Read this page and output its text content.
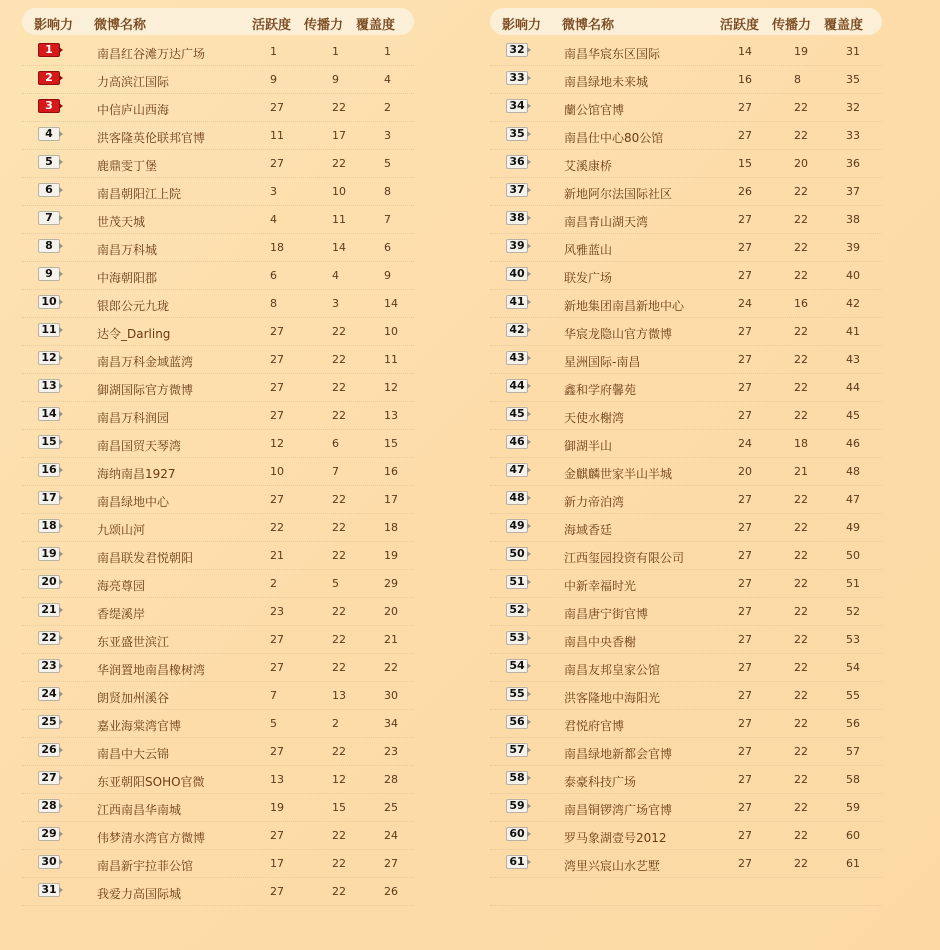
影响力 微博名称	活跃度 传播力 覆盖度
1	南昌红谷滩万达广场	1	1	1
2	力高滨江国际	9	9	4
3	中信庐山西海	27	22	2
4	洪客隆英伦联邦官博	11	17	3
5	鹿鼎雯丁堡	27	22	5
6	南昌朝阳江上院	3	10	8
7	世茂天城	4	11	7
8	南昌万科城	18	14	6
9	中海朝阳郡	6	4	9
10	银郎公元九珑	8	3	14
11	达令_Darling	27	22	10
12	南昌万科金域蓝湾	27	22	11
13	御湖国际官方微博	27	22	12
14	南昌万科润园	27	22	13
15	南昌国贸天琴湾	12	6	15
16	海纳南昌1927	10	7	16
17	南昌绿地中心	27	22	17
18	九颂山河	22	22	18
19	南昌联发君悦朝阳	21	22	19
20	海亮尊园	2	5	29
21	香缇溪岸	23	22	20
22	东亚盛世滨江	27	22	21
23	华润置地南昌橡树湾	27	22	22
24	朗贤加州溪谷	7	13	30
25	嘉业海棠湾官博	5	2	34
26	南昌中大云锦	27	22	23
27	东亚朝阳SOHO官微	13	12	28
28	江西南昌华南城	19	15	25
29	伟梦清水湾官方微博	27	22	24
30	南昌新宇拉菲公馆	17	22	27
31	我爱力高国际城	27	22	26
影响力 微博名称	活跃度 传播力 覆盖度
32	南昌华宸东区国际	14	19	31
33	南昌绿地未来城	16	8	35
34	蘭公馆官博	27	22	32
35	南昌仕中心80公馆	27	22	33
36	艾溪康桥	15	20	36
37	新地阿尔法国际社区	26	22	37
38	南昌青山湖天湾	27	22	38
39	风雅蓝山	27	22	39
40	联发广场	27	22	40
41	新地集团南昌新地中心	24	16	42
42	华宸龙隐山官方微博	27	22	41
43	星洲国际-南昌	27	22	43
44	鑫和学府馨苑	27	22	44
45	天使水榭湾	27	22	45
46	御湖半山	24	18	46
47	金麒麟世家半山半城	20	21	48
48	新力帝泊湾	27	22	47
49	海域香廷	27	22	49
50	江西玺园投资有限公司	27	22	50
51	中新幸福时光	27	22	51
52	南昌唐宁街官博	27	22	52
53	南昌中央香榭	27	22	53
54	南昌友邦皇家公馆	27	22	54
55	洪客隆地中海阳光	27	22	55
56	君悦府官博	27	22	56
57	南昌绿地新都会官博	27	22	57
58	泰豪科技广场	27	22	58
59	南昌铜锣湾广场官博	27	22	59
60	罗马象湖壹号2012	27	22	60
61	湾里兴宸山水艺墅	27	22	61
